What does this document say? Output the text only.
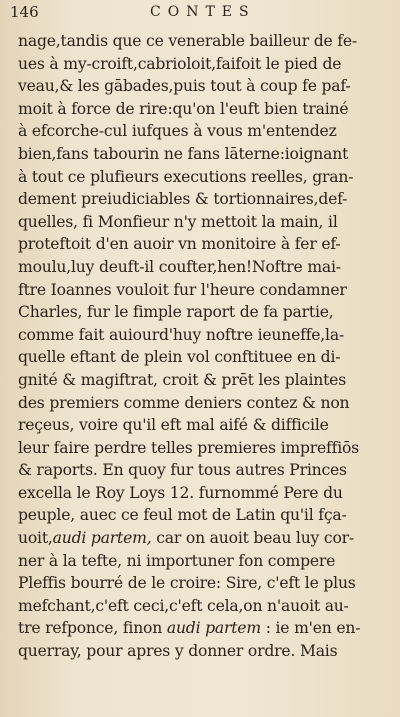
146	CONTES
nage,tandis que ce venerable bailleur de fe-
ues à my-croift,cabrioloit,faifoit le pied de
veau,& les gābades,puis tout à coup fe paf-
moit à force de rire:qu'on l'euft bien trainé
à efcorche-cul iufques à vous m'entendez
bien,fans tabourin ne fans lāterne:ioignant
à tout ce plufieurs executions reelles, gran-
dement preiudiciables & tortionnaires,def-
quelles, fi Monfieur n'y mettoit la main, il
proteftoit d'en auoir vn monitoire à fer ef-
moulu,luy deuft-il coufter,hen!Noftre mai-
ftre Ioannes vouloit fur l'heure condamner
Charles, fur le fimple raport de fa partie,
comme fait auiourd'huy noftre ieuneffe,la-
quelle eftant de plein vol conftituee en di-
gnité & magiftrat, croit & prēt les plaintes
des premiers comme deniers contez & non
reçeus, voire qu'il eft mal aifé & difficile
leur faire perdre telles premieres impreffiōs
& raports. En quoy fur tous autres Princes
excella le Roy Loys 12. furnommé Pere du
peuple, auec ce feul mot de Latin qu'il fça-
uoit,audi partem, car on auoit beau luy cor-
ner à la tefte, ni importuner fon compere
Pleffis bourré de le croire: Sire, c'eft le plus
mefchant,c'eft ceci,c'eft cela,on n'auoit au-
tre refponce, finon audi partem : ie m'en en-
querray, pour apres y donner ordre. Mais
